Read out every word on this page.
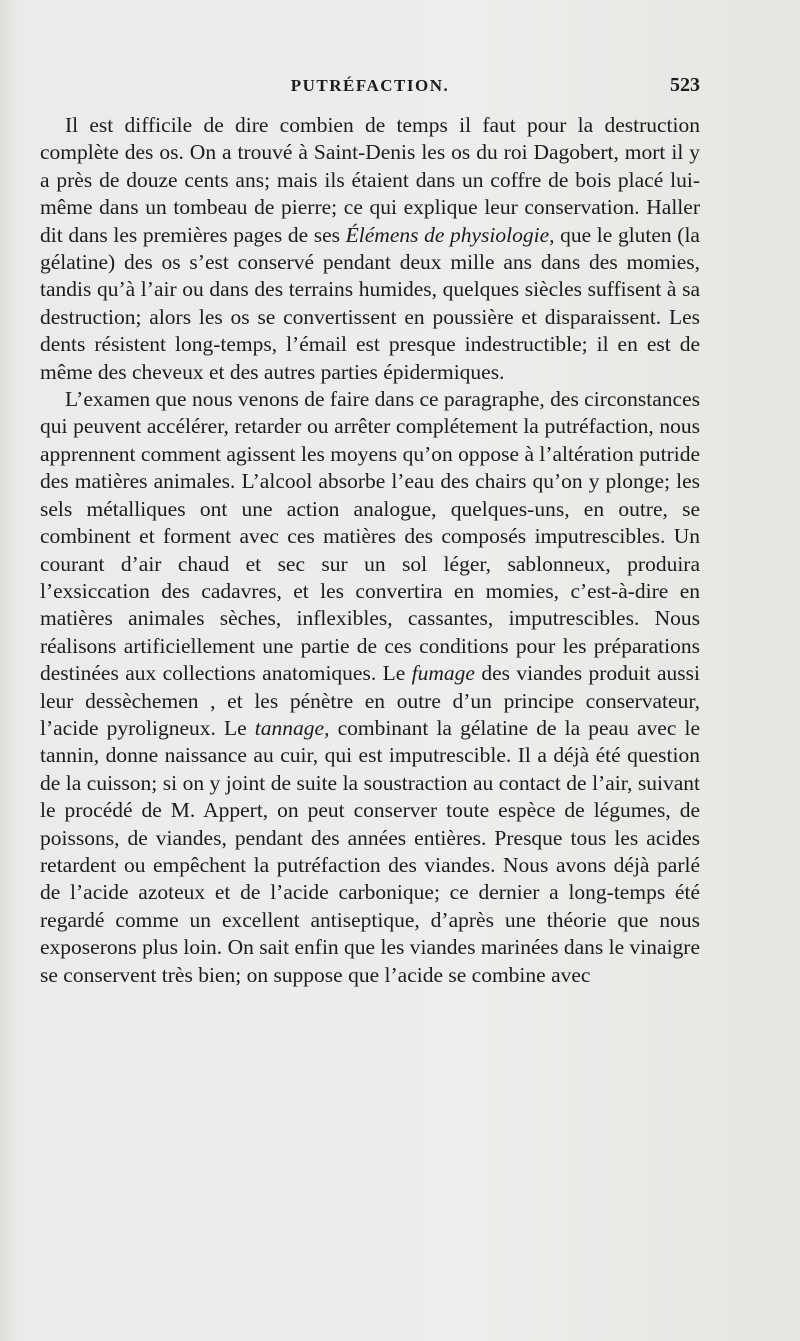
PUTRÉFACTION.	523

Il est difficile de dire combien de temps il faut pour la destruction complète des os. On a trouvé à Saint-Denis les os du roi Dagobert, mort il y a près de douze cents ans; mais ils étaient dans un coffre de bois placé lui-même dans un tombeau de pierre; ce qui explique leur conservation. Haller dit dans les premières pages de ses Élémens de physiologie, que le gluten (la gélatine) des os s’est conservé pendant deux mille ans dans des momies, tandis qu’à l’air ou dans des terrains humides, quelques siècles suffisent à sa destruction; alors les os se convertissent en poussière et disparaissent. Les dents résistent long-temps, l’émail est presque indestructible; il en est de même des cheveux et des autres parties épidermiques.

L’examen que nous venons de faire dans ce paragraphe, des circonstances qui peuvent accélérer, retarder ou arrêter complétement la putréfaction, nous apprennent comment agissent les moyens qu’on oppose à l’altération putride des matières animales. L’alcool absorbe l’eau des chairs qu’on y plonge; les sels métalliques ont une action analogue, quelques-uns, en outre, se combinent et forment avec ces matières des composés imputrescibles. Un courant d’air chaud et sec sur un sol léger, sablonneux, produira l’exsiccation des cadavres, et les convertira en momies, c’est-à-dire en matières animales sèches, inflexibles, cassantes, imputrescibles. Nous réalisons artificiellement une partie de ces conditions pour les préparations destinées aux collections anatomiques. Le fumage des viandes produit aussi leur dessèchemen , et les pénètre en outre d’un principe conservateur, l’acide pyroligneux. Le tannage, combinant la gélatine de la peau avec le tannin, donne naissance au cuir, qui est imputrescible. Il a déjà été question de la cuisson; si on y joint de suite la soustraction au contact de l’air, suivant le procédé de M. Appert, on peut conserver toute espèce de légumes, de poissons, de viandes, pendant des années entières. Presque tous les acides retardent ou empêchent la putréfaction des viandes. Nous avons déjà parlé de l’acide azoteux et de l’acide carbonique; ce dernier a long-temps été regardé comme un excellent antiseptique, d’après une théorie que nous exposerons plus loin. On sait enfin que les viandes marinées dans le vinaigre se conservent très bien; on suppose que l’acide se combine avec
